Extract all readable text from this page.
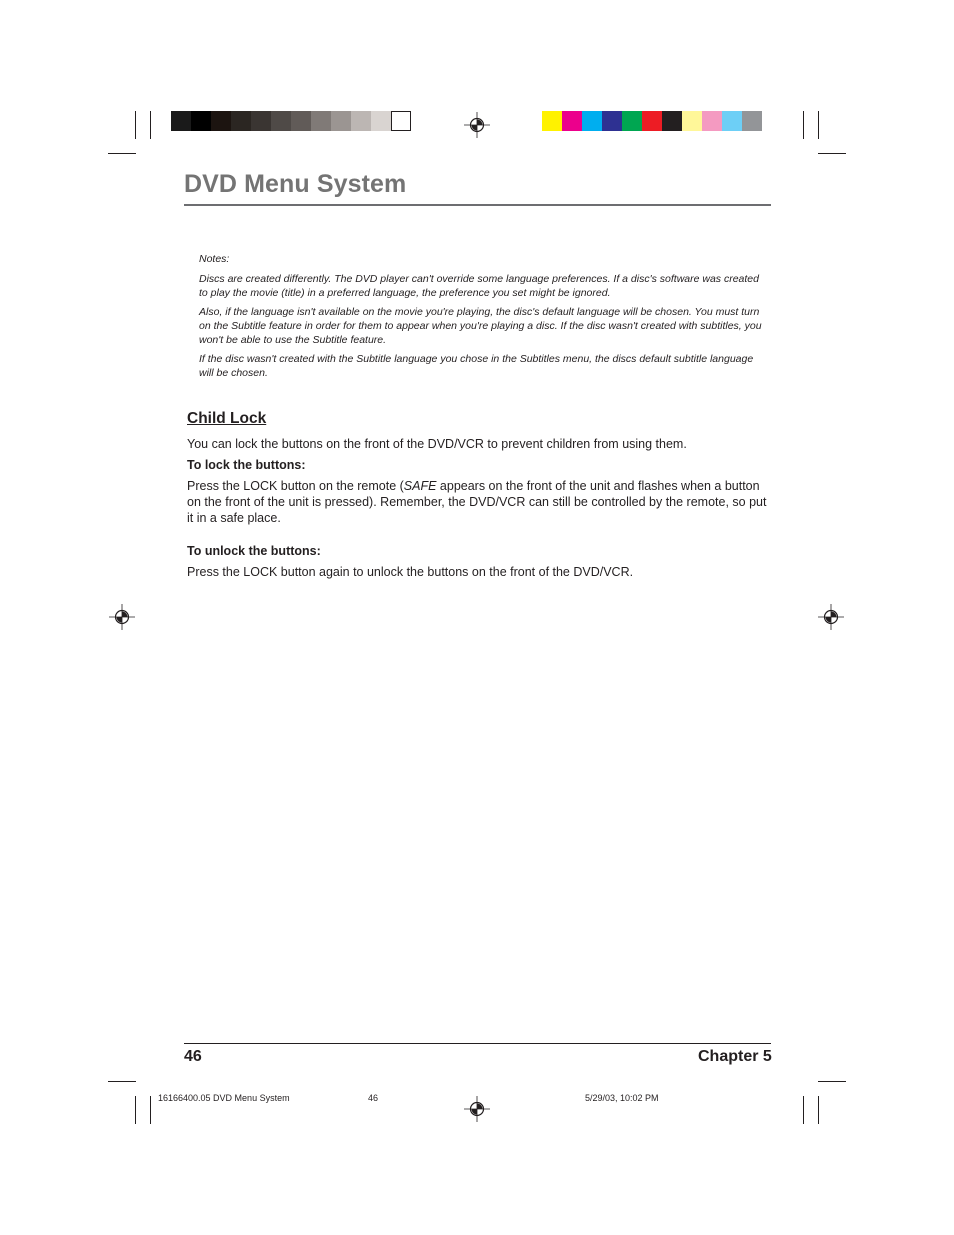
DVD Menu System

Notes:

Discs are created differently. The DVD player can't override some language preferences. If a disc's software was created to play the movie (title) in a preferred language, the preference you set might be ignored.

Also, if the language isn't available on the movie you're playing, the disc's default language will be chosen. You must turn on the Subtitle feature in order for them to appear when you're playing a disc. If the disc wasn't created with subtitles, you won't be able to use the Subtitle feature.

If the disc wasn't created with the Subtitle language you chose in the Subtitles menu, the discs default subtitle language will be chosen.

Child Lock

You can lock the buttons on the front of the DVD/VCR to prevent children from using them.

To lock the buttons:

Press the LOCK button on the remote (SAFE appears on the front of the unit and flashes when a button on the front of the unit is pressed). Remember, the DVD/VCR can still be controlled by the remote, so put it in a safe place.

To unlock the buttons:

Press the LOCK button again to unlock the buttons on the front of the DVD/VCR.

46	Chapter 5
16166400.05 DVD Menu System	46	5/29/03, 10:02 PM
